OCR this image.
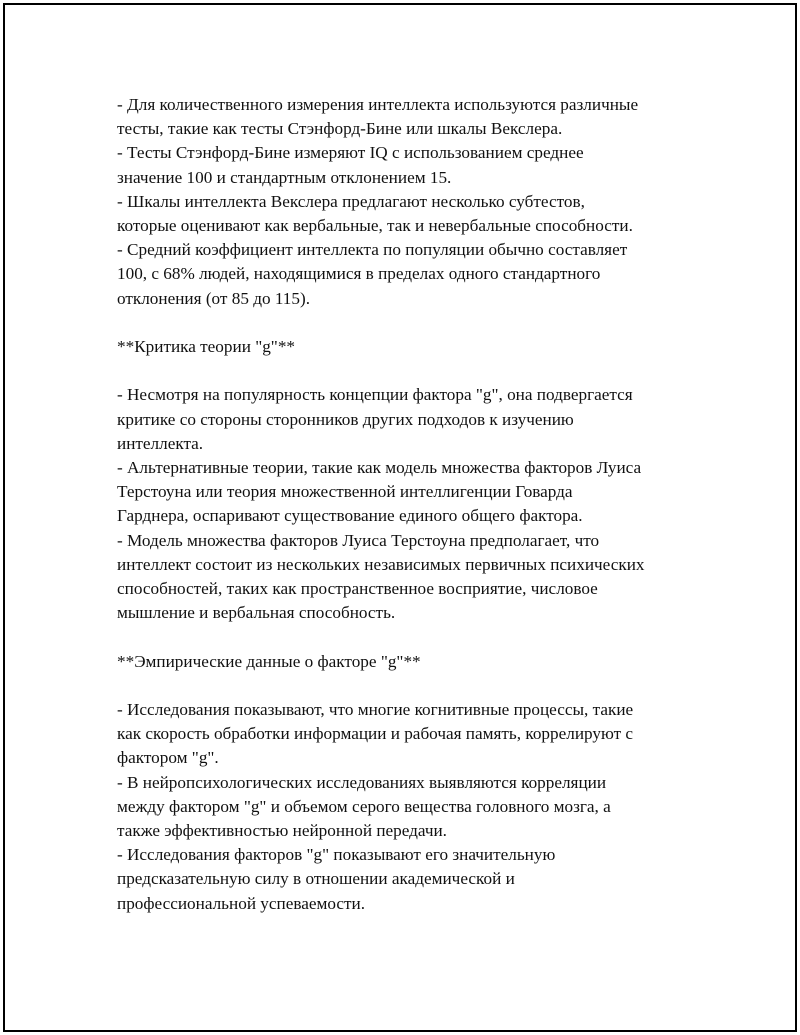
- Для количественного измерения интеллекта используются различные
тесты, такие как тесты Стэнфорд-Бине или шкалы Векслера.
- Тесты Стэнфорд-Бине измеряют IQ с использованием среднее
значение 100 и стандартным отклонением 15.
- Шкалы интеллекта Векслера предлагают несколько субтестов,
которые оценивают как вербальные, так и невербальные способности.
- Средний коэффициент интеллекта по популяции обычно составляет
100, с 68% людей, находящимися в пределах одного стандартного
отклонения (от 85 до 115).
**Критика теории "g"**
- Несмотря на популярность концепции фактора "g", она подвергается
критике со стороны сторонников других подходов к изучению
интеллекта.
- Альтернативные теории, такие как модель множества факторов Луиса
Терстоуна или теория множественной интеллигенции Говарда
Гарднера, оспаривают существование единого общего фактора.
- Модель множества факторов Луиса Терстоуна предполагает, что
интеллект состоит из нескольких независимых первичных психических
способностей, таких как пространственное восприятие, числовое
мышление и вербальная способность.
**Эмпирические данные о факторе "g"**
- Исследования показывают, что многие когнитивные процессы, такие
как скорость обработки информации и рабочая память, коррелируют с
фактором "g".
- В нейропсихологических исследованиях выявляются корреляции
между фактором "g" и объемом серого вещества головного мозга, а
также эффективностью нейронной передачи.
- Исследования факторов "g" показывают его значительную
предсказательную силу в отношении академической и
профессиональной успеваемости.
